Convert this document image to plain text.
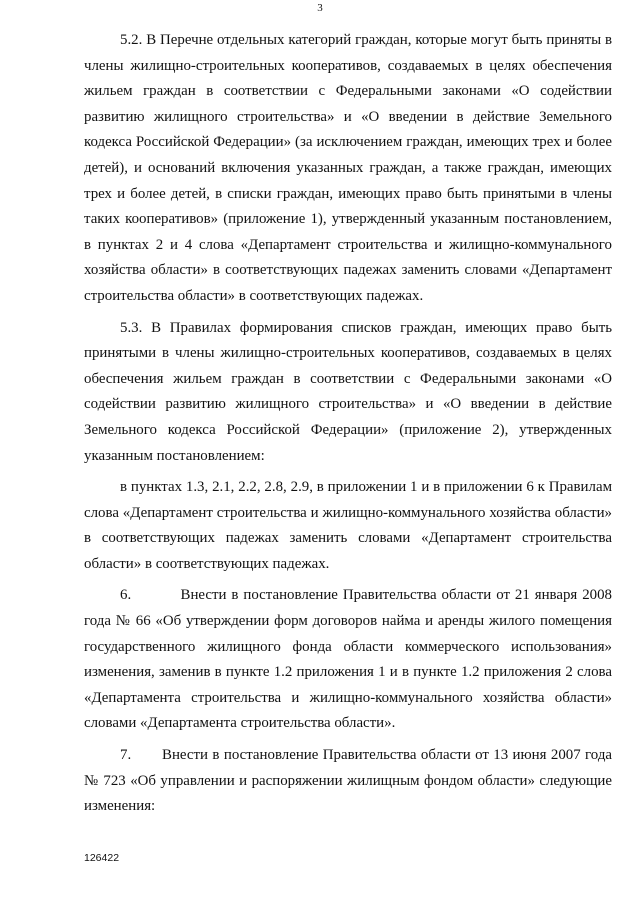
3

5.2. В Перечне отдельных категорий граждан, которые могут быть приняты в члены жилищно-строительных кооперативов, создаваемых в целях обеспечения жильем граждан в соответствии с Федеральными законами «О содействии развитию жилищного строительства» и «О введении в действие Земельного кодекса Российской Федерации» (за исключением граждан, имеющих трех и более детей), и оснований включения указанных граждан, а также граждан, имеющих трех и более детей, в списки граждан, имеющих право быть принятыми в члены таких кооперативов» (приложение 1), утвержденный указанным постановлением, в пунктах 2 и 4 слова «Департамент строительства и жилищно-коммунального хозяйства области» в соответствующих падежах заменить словами «Департамент строительства области» в соответствующих падежах.

5.3. В Правилах формирования списков граждан, имеющих право быть принятыми в члены жилищно-строительных кооперативов, создаваемых в целях обеспечения жильем граждан в соответствии с Федеральными законами «О содействии развитию жилищного строительства» и «О введении в действие Земельного кодекса Российской Федерации» (приложение 2), утвержденных указанным постановлением:

в пунктах 1.3, 2.1, 2.2, 2.8, 2.9, в приложении 1 и в приложении 6 к Правилам слова «Департамент строительства и жилищно-коммунального хозяйства области» в соответствующих падежах заменить словами «Департамент строительства области» в соответствующих падежах.

6.          Внести в постановление Правительства области от 21 января 2008 года № 66 «Об утверждении форм договоров найма и аренды жилого помещения государственного жилищного фонда области коммерческого использования» изменения, заменив в пункте 1.2 приложения 1 и в пункте 1.2 приложения 2 слова «Департамента строительства и жилищно-коммунального хозяйства области» словами «Департамента строительства области».

7.       Внести в постановление Правительства области от 13 июня 2007 года № 723 «Об управлении и распоряжении жилищным фондом области» следующие изменения:

126422
